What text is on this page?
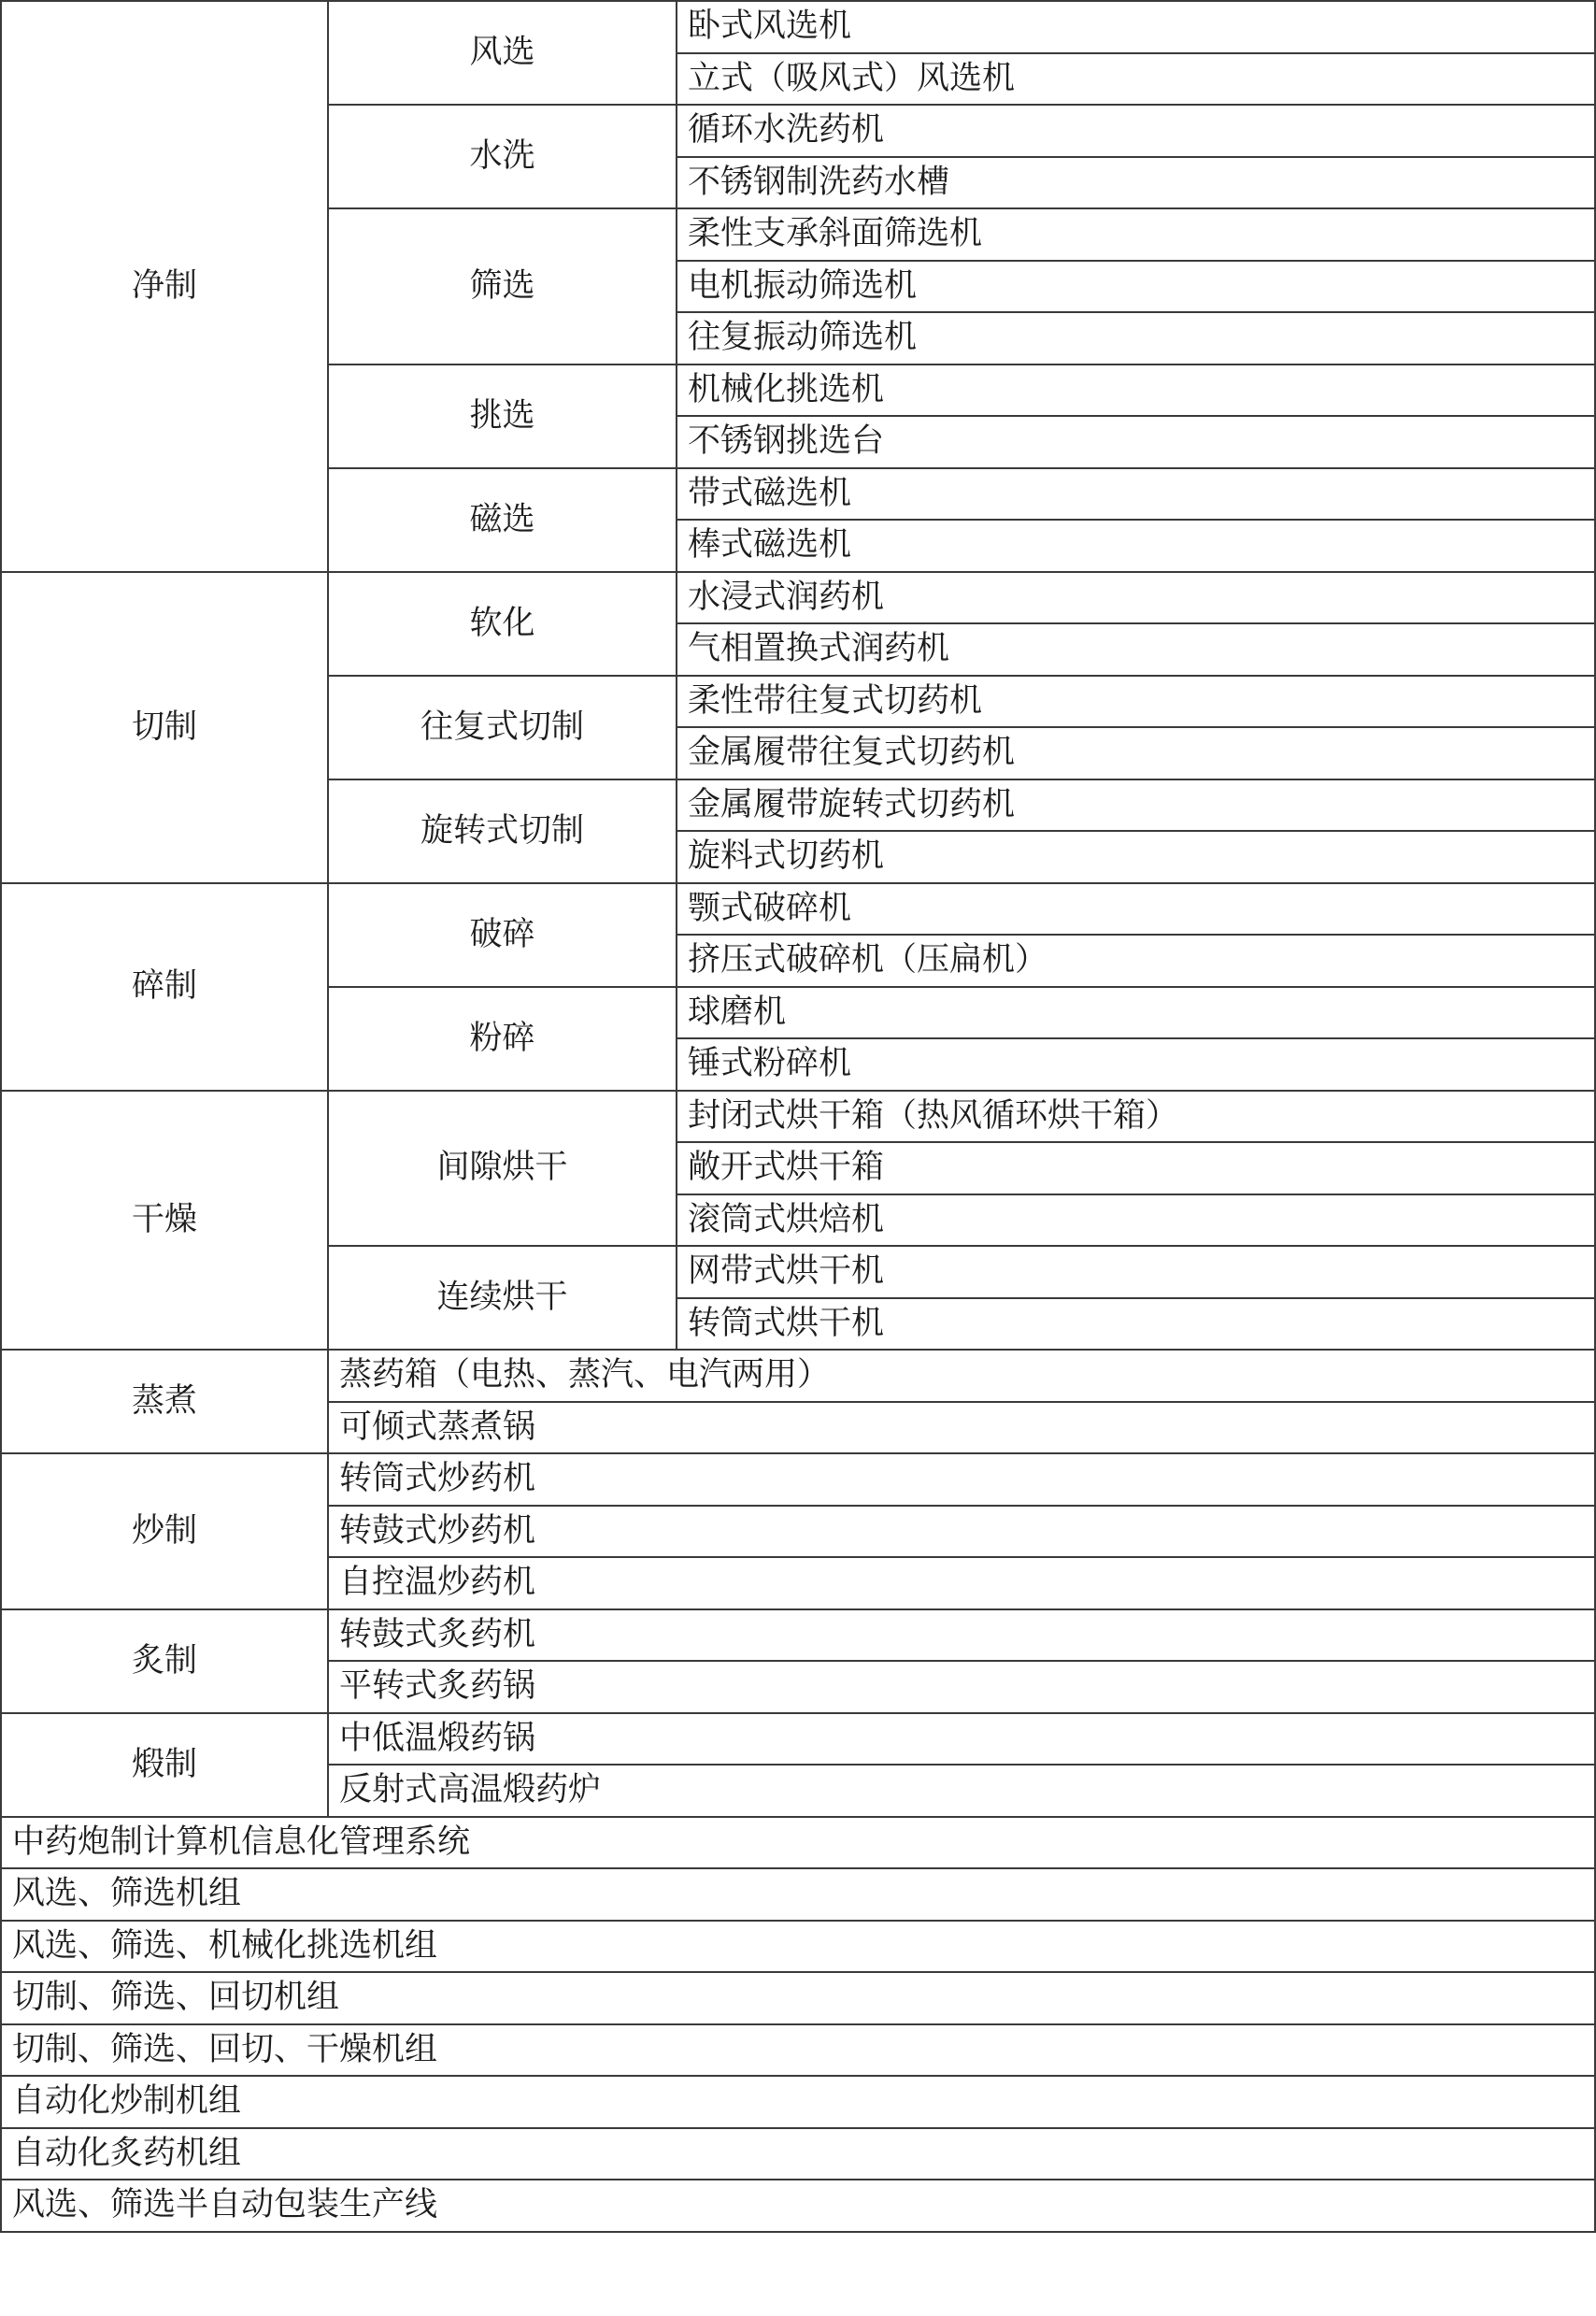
净制	风选	卧式风选机
		立式（吸风式）风选机
	水洗	循环水洗药机
		不锈钢制洗药水槽
	筛选	柔性支承斜面筛选机
		电机振动筛选机
		往复振动筛选机
	挑选	机械化挑选机
		不锈钢挑选台
	磁选	带式磁选机
		棒式磁选机
切制	软化	水浸式润药机
		气相置换式润药机
	往复式切制	柔性带往复式切药机
		金属履带往复式切药机
	旋转式切制	金属履带旋转式切药机
		旋料式切药机
碎制	破碎	颚式破碎机
		挤压式破碎机（压扁机）
	粉碎	球磨机
		锤式粉碎机
干燥	间隙烘干	封闭式烘干箱（热风循环烘干箱）
		敞开式烘干箱
		滚筒式烘焙机
	连续烘干	网带式烘干机
		转筒式烘干机
蒸煮	蒸药箱（电热、蒸汽、电汽两用）	
	可倾式蒸煮锅	
炒制	转筒式炒药机	
	转鼓式炒药机	
	自控温炒药机	
炙制	转鼓式炙药机	
	平转式炙药锅	
煅制	中低温煅药锅	
	反射式高温煅药炉	
中药炮制计算机信息化管理系统		
风选、筛选机组		
风选、筛选、机械化挑选机组		
切制、筛选、回切机组		
切制、筛选、回切、干燥机组		
自动化炒制机组		
自动化炙药机组		
风选、筛选半自动包装生产线		
